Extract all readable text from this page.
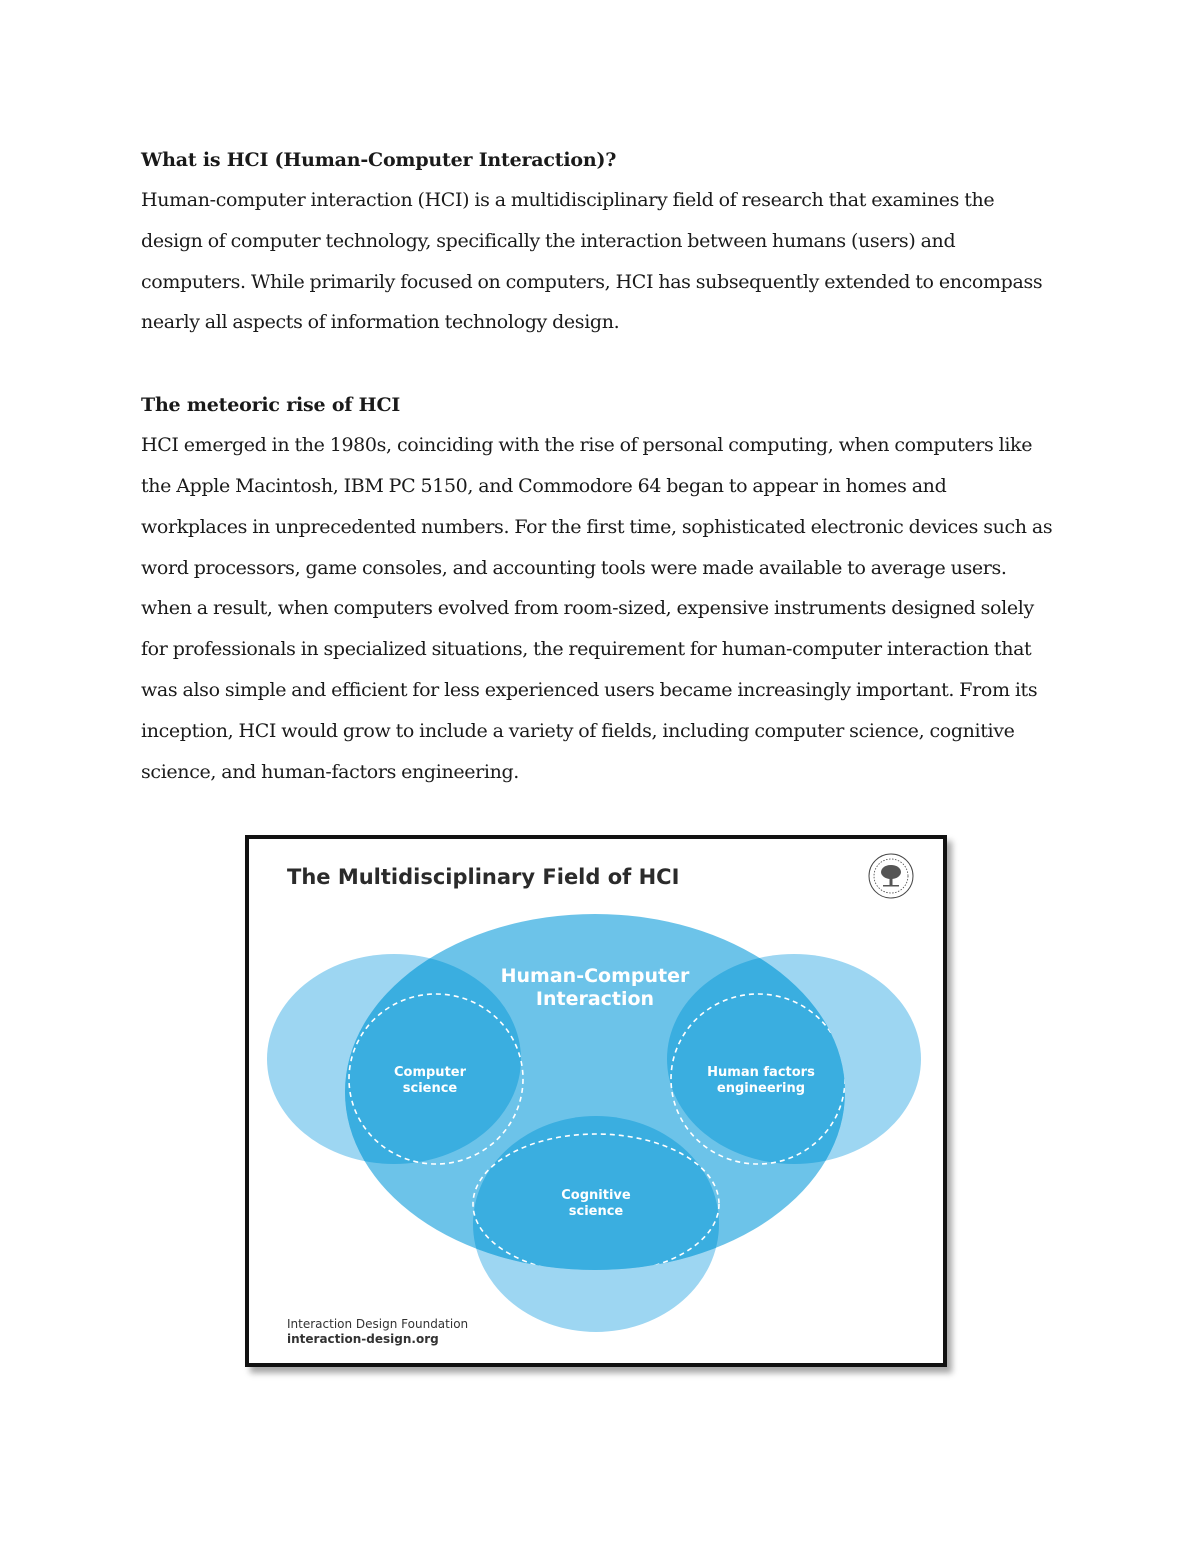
What is HCI (Human-Computer Interaction)?

Human-computer interaction (HCI) is a multidisciplinary field of research that examines the
design of computer technology, specifically the interaction between humans (users) and
computers. While primarily focused on computers, HCI has subsequently extended to encompass
nearly all aspects of information technology design.

The meteoric rise of HCI

HCI emerged in the 1980s, coinciding with the rise of personal computing, when computers like
the Apple Macintosh, IBM PC 5150, and Commodore 64 began to appear in homes and
workplaces in unprecedented numbers. For the first time, sophisticated electronic devices such as
word processors, game consoles, and accounting tools were made available to average users.
when a result, when computers evolved from room-sized, expensive instruments designed solely
for professionals in specialized situations, the requirement for human-computer interaction that
was also simple and efficient for less experienced users became increasingly important. From its
inception, HCI would grow to include a variety of fields, including computer science, cognitive
science, and human-factors engineering.

The Multidisciplinary Field of HCI
Human-Computer
Interaction
Computer
science
Human factors
engineering
Cognitive
science
Interaction Design Foundation
interaction-design.org
